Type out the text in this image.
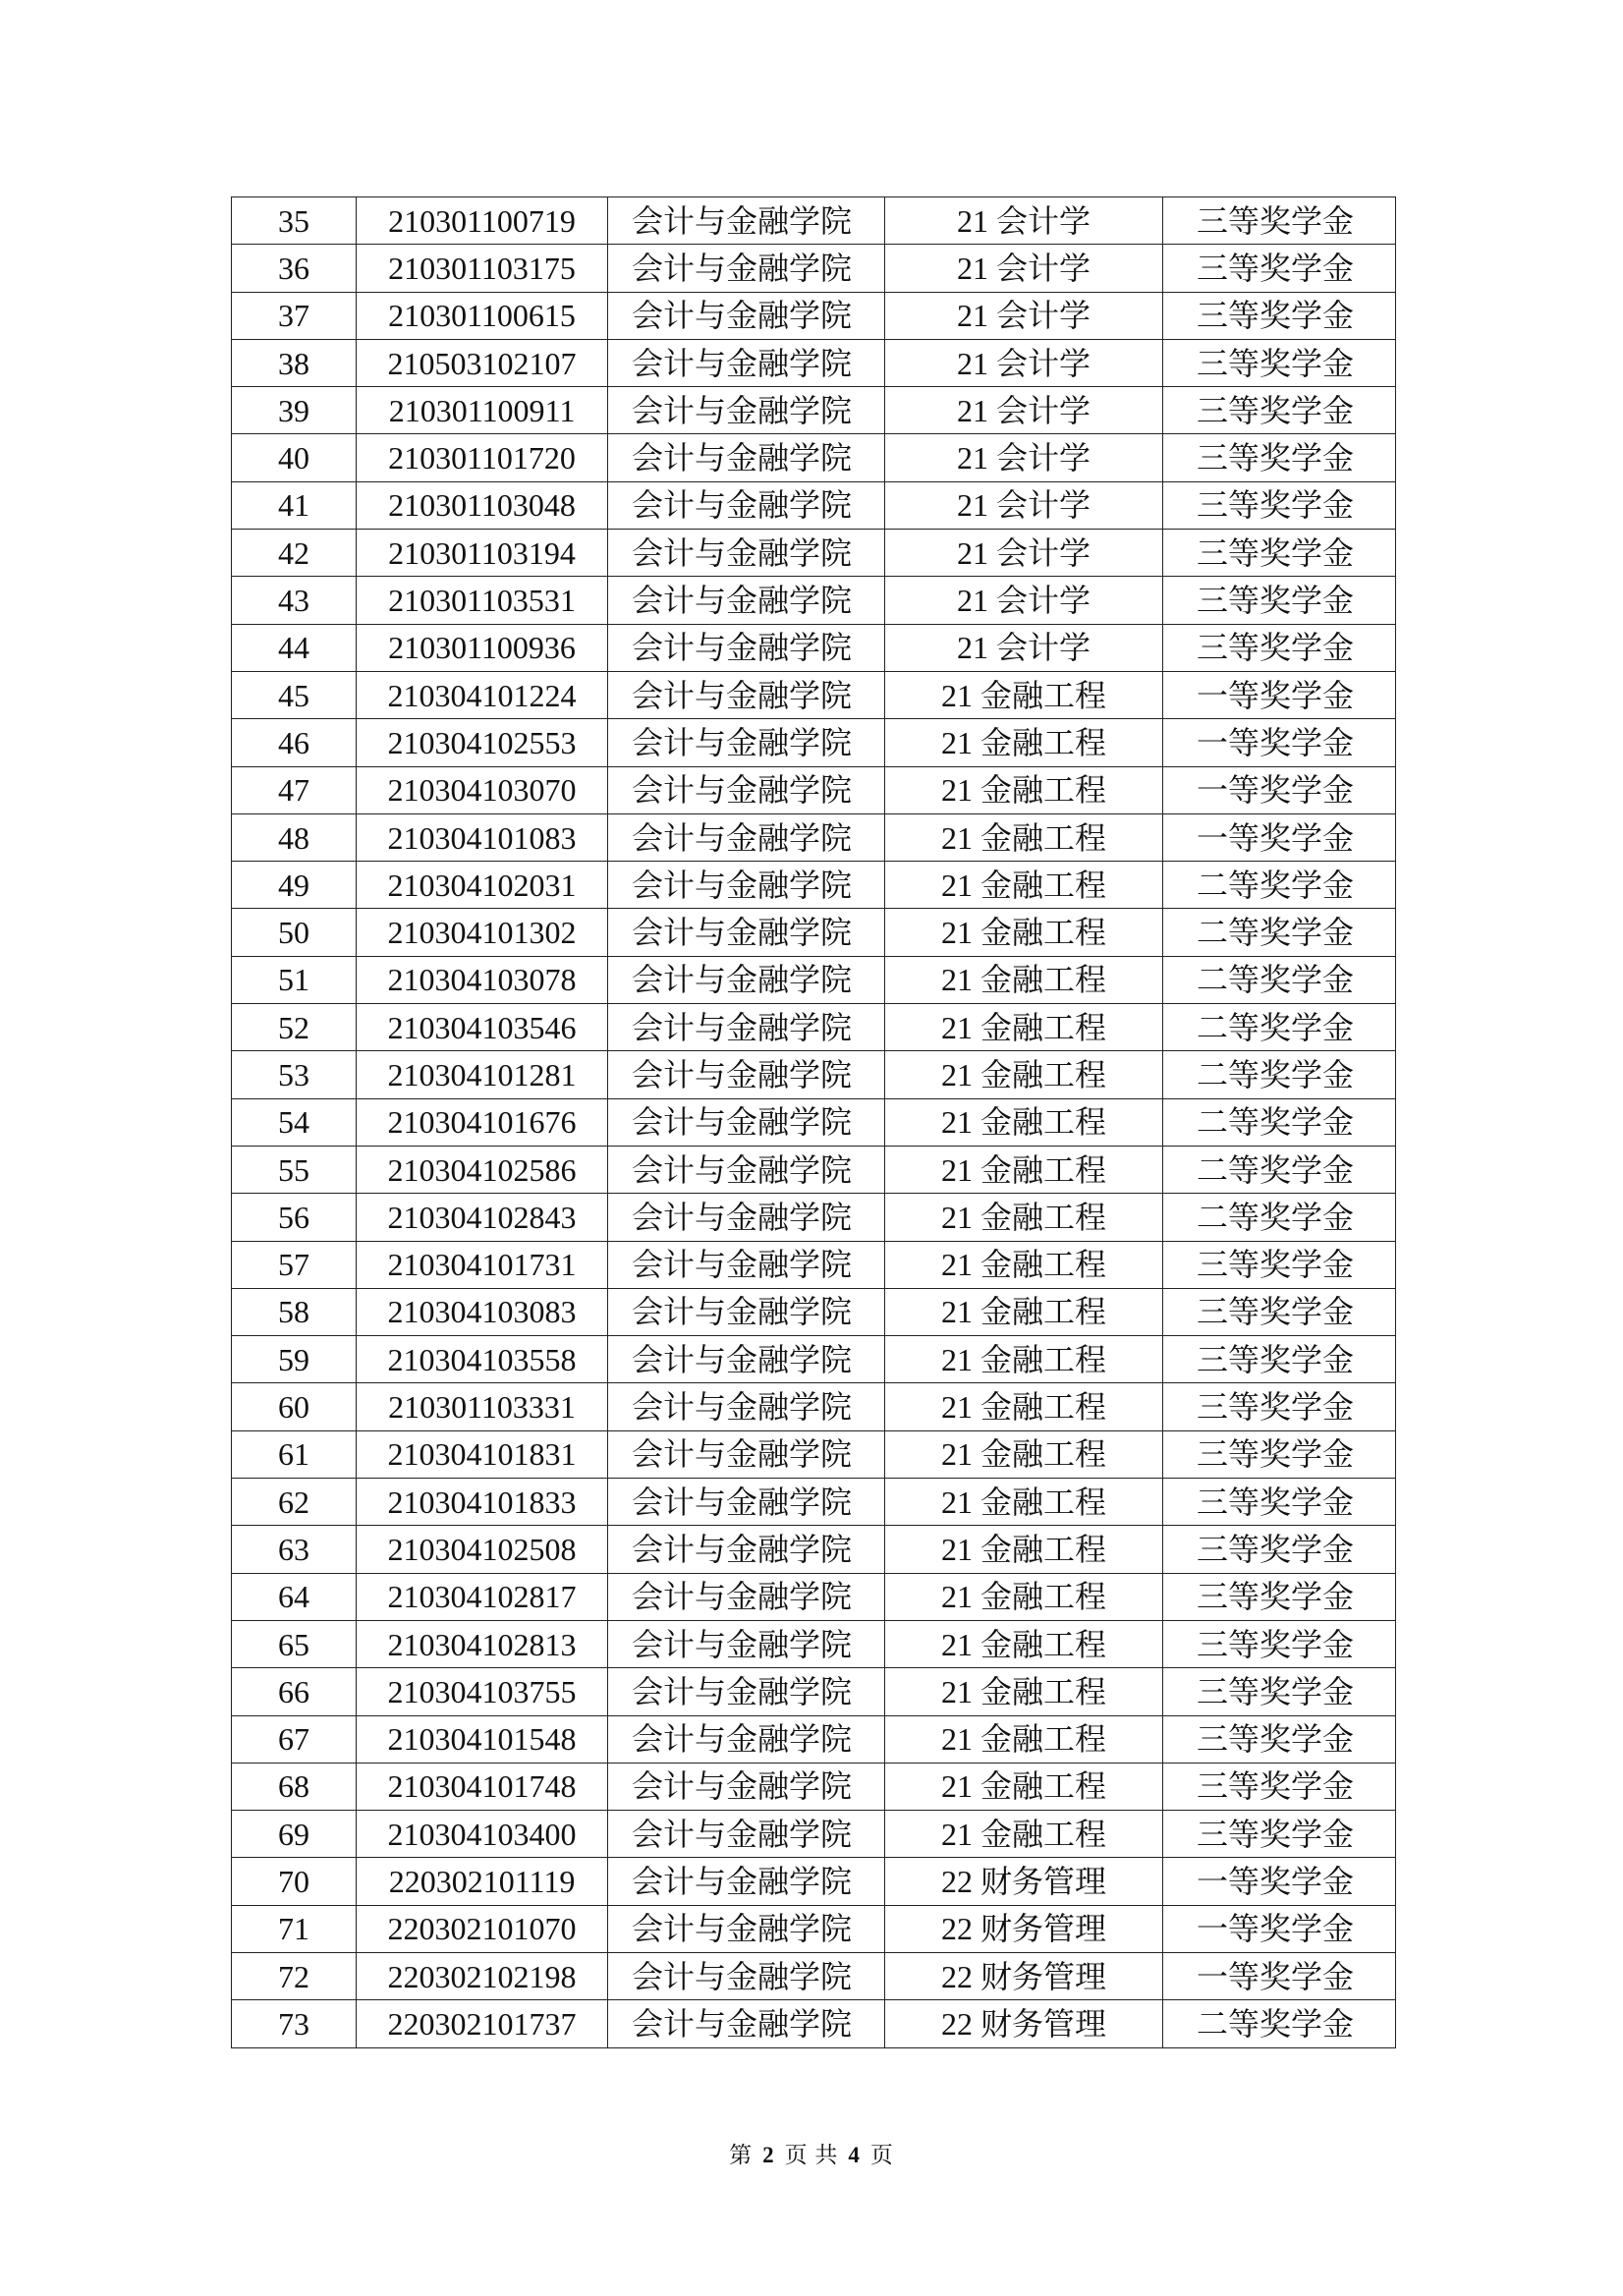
35	210301100719	会计与金融学院	21 会计学	三等奖学金
36	210301103175	会计与金融学院	21 会计学	三等奖学金
37	210301100615	会计与金融学院	21 会计学	三等奖学金
38	210503102107	会计与金融学院	21 会计学	三等奖学金
39	210301100911	会计与金融学院	21 会计学	三等奖学金
40	210301101720	会计与金融学院	21 会计学	三等奖学金
41	210301103048	会计与金融学院	21 会计学	三等奖学金
42	210301103194	会计与金融学院	21 会计学	三等奖学金
43	210301103531	会计与金融学院	21 会计学	三等奖学金
44	210301100936	会计与金融学院	21 会计学	三等奖学金
45	210304101224	会计与金融学院	21 金融工程	一等奖学金
46	210304102553	会计与金融学院	21 金融工程	一等奖学金
47	210304103070	会计与金融学院	21 金融工程	一等奖学金
48	210304101083	会计与金融学院	21 金融工程	一等奖学金
49	210304102031	会计与金融学院	21 金融工程	二等奖学金
50	210304101302	会计与金融学院	21 金融工程	二等奖学金
51	210304103078	会计与金融学院	21 金融工程	二等奖学金
52	210304103546	会计与金融学院	21 金融工程	二等奖学金
53	210304101281	会计与金融学院	21 金融工程	二等奖学金
54	210304101676	会计与金融学院	21 金融工程	二等奖学金
55	210304102586	会计与金融学院	21 金融工程	二等奖学金
56	210304102843	会计与金融学院	21 金融工程	二等奖学金
57	210304101731	会计与金融学院	21 金融工程	三等奖学金
58	210304103083	会计与金融学院	21 金融工程	三等奖学金
59	210304103558	会计与金融学院	21 金融工程	三等奖学金
60	210301103331	会计与金融学院	21 金融工程	三等奖学金
61	210304101831	会计与金融学院	21 金融工程	三等奖学金
62	210304101833	会计与金融学院	21 金融工程	三等奖学金
63	210304102508	会计与金融学院	21 金融工程	三等奖学金
64	210304102817	会计与金融学院	21 金融工程	三等奖学金
65	210304102813	会计与金融学院	21 金融工程	三等奖学金
66	210304103755	会计与金融学院	21 金融工程	三等奖学金
67	210304101548	会计与金融学院	21 金融工程	三等奖学金
68	210304101748	会计与金融学院	21 金融工程	三等奖学金
69	210304103400	会计与金融学院	21 金融工程	三等奖学金
70	220302101119	会计与金融学院	22 财务管理	一等奖学金
71	220302101070	会计与金融学院	22 财务管理	一等奖学金
72	220302102198	会计与金融学院	22 财务管理	一等奖学金
73	220302101737	会计与金融学院	22 财务管理	二等奖学金
第 2 页 共 4 页
